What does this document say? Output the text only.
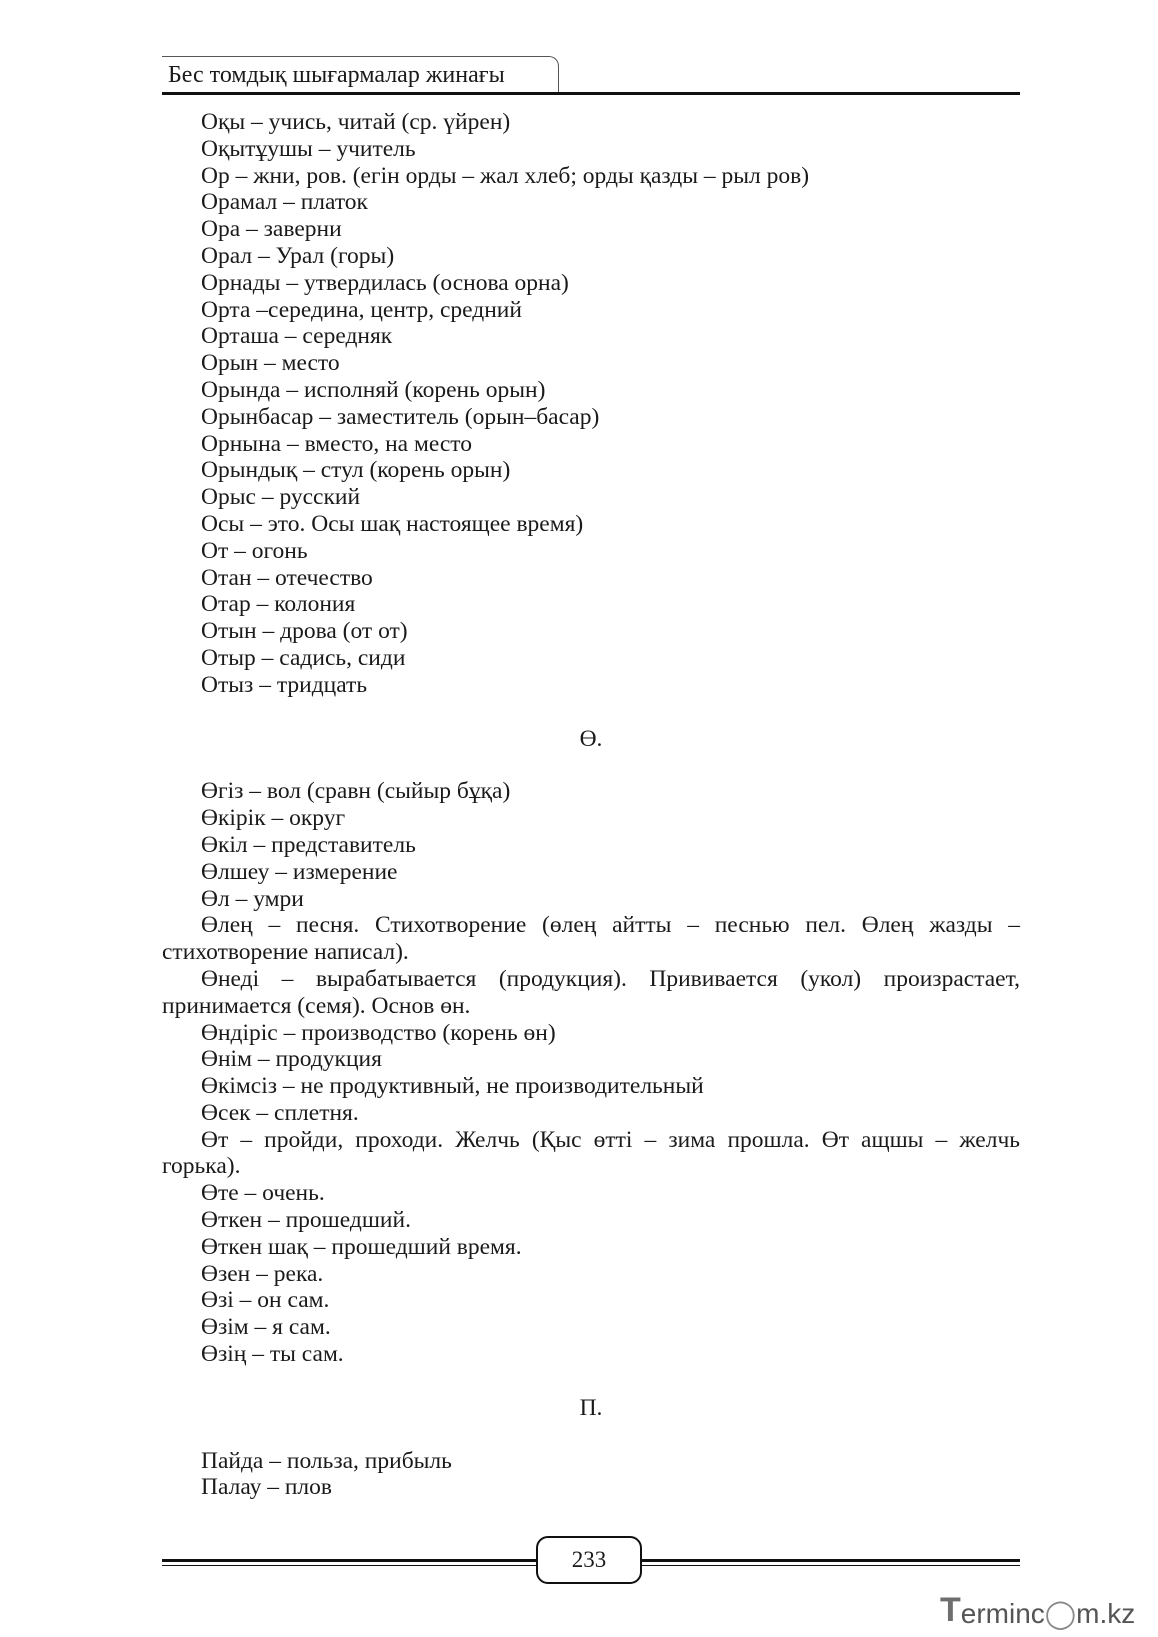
Бес томдық шығармалар жинағы
Оқы – учись, читай (ср. үйрен)
Оқытұушы – учитель
Ор – жни, ров. (егін орды – жал хлеб; орды қазды – рыл ров)
Орамал – платок
Ора – заверни
Орал – Урал (горы)
Орнады – утвердилась (основа орна)
Орта –середина, центр, средний
Орташа – середняк
Орын – место
Орында – исполняй (корень орын)
Орынбасар – заместитель (орын–басар)
Орнына – вместо, на место
Орындық – стул (корень орын)
Орыс – русский
Осы – это. Осы шақ настоящее время)
От – огонь
Отан – отечество
Отар – колония
Отын – дрова (от от)
Отыр – садись, сиди
Отыз – тридцать
Ө.
Өгіз – вол (сравн (сыйыр бұқа)
Өкірік – округ
Өкіл – представитель
Өлшеу – измерение
Өл – умри
Өлең – песня. Стихотворение (өлең айтты – песнью пел. Өлең жазды – стихотворение написал).
Өнеді – вырабатывается (продукция). Прививается (укол) произрастает, принимается (семя). Основ өн.
Өндіріс – производство (корень өн)
Өнім – продукция
Өкімсіз – не продуктивный, не производительный
Өсек – сплетня.
Өт – пройди, проходи. Желчь (Қыс өтті – зима прошла. Өт ащшы – желчь горька).
Өте – очень.
Өткен – прошедший.
Өткен шақ – прошедший время.
Өзен – река.
Өзі – он сам.
Өзім – я сам.
Өзің – ты сам.
П.
Пайда – польза, прибыль
Палау – плов
233
T erminc ◯ m.kz
